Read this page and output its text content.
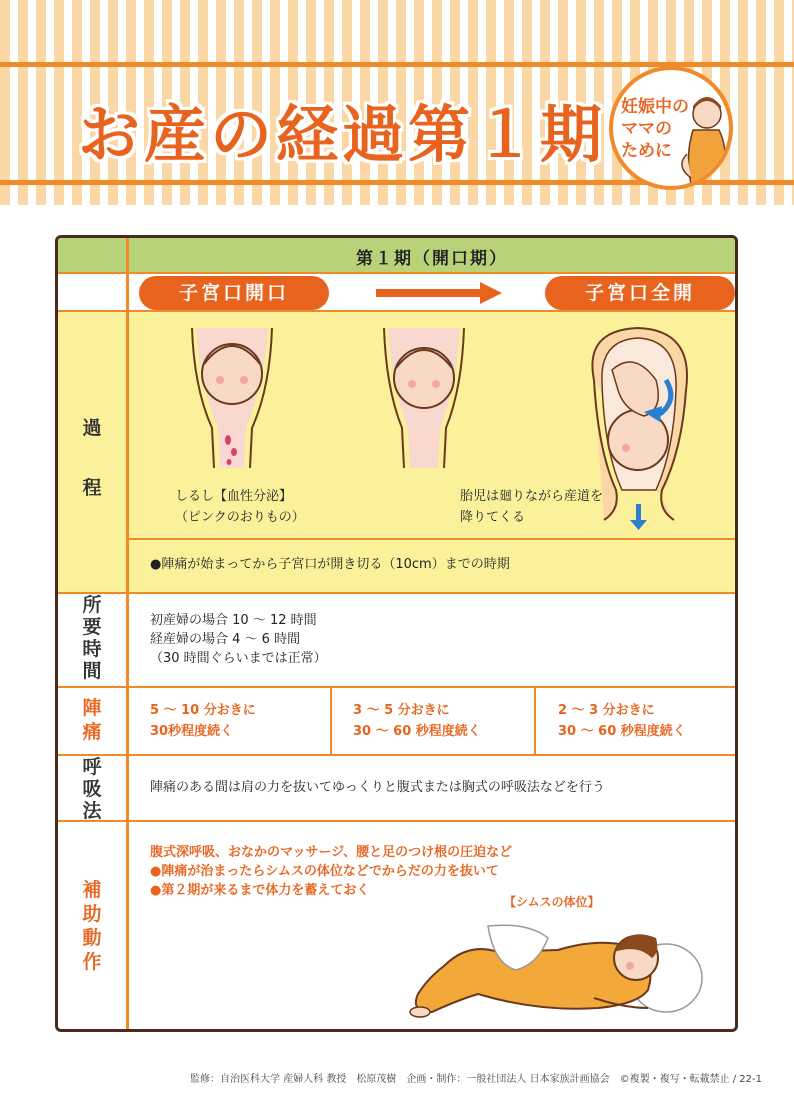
お産の経過第１期 妊娠中の
ママの
ために
第１期（開口期）
子宮口開口	子宮口全開
過
程	しるし【血性分泌】
（ピンクのおりもの）
胎児は廻りながら産道を
降りてくる
●陣痛が始まってから子宮口が開き切る（10cm）までの時期
所
要
時
間
初産婦の場合 10 ～ 12 時間
経産婦の場合 4 ～ 6 時間
（30 時間ぐらいまでは正常）
陣
痛
5 ～ 10 分おきに
30秒程度続く
3 ～ 5 分おきに
30 ～ 60 秒程度続く
2 ～ 3 分おきに
30 ～ 60 秒程度続く
呼
吸
法
陣痛のある間は肩の力を抜いてゆっくりと腹式または胸式の呼吸法などを行う
補
助
動
作
腹式深呼吸、おなかのマッサージ、腰と足のつけ根の圧迫など
●陣痛が治まったらシムスの体位などでからだの力を抜いて
●第２期が来るまで体力を蓄えておく
【シムスの体位】
監修：自治医科大学 産婦人科 教授　松原茂樹　企画・制作：一般社団法人 日本家族計画協会　©複製・複写・転載禁止 / 22-1
